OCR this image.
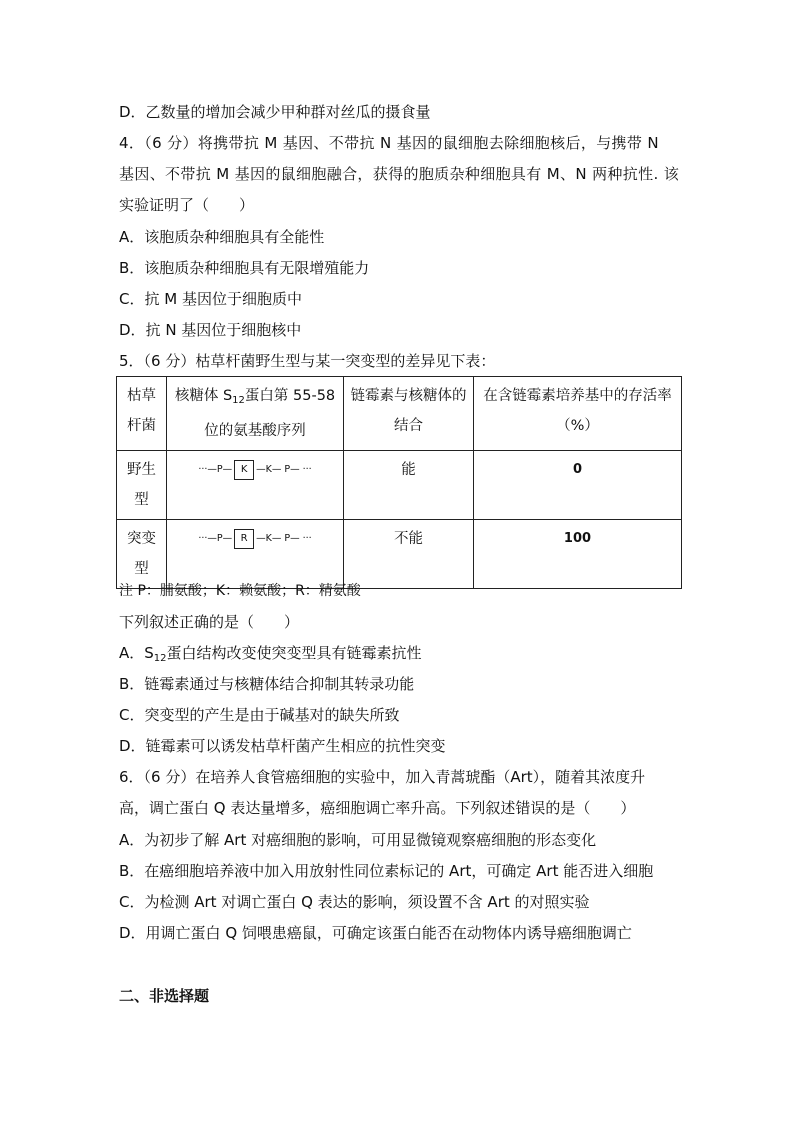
D．乙数量的增加会减少甲种群对丝瓜的摄食量
4．（6 分）将携带抗 M 基因、不带抗 N 基因的鼠细胞去除细胞核后，与携带 N
基因、不带抗 M 基因的鼠细胞融合，获得的胞质杂种细胞具有 M、N 两种抗性. 该
实验证明了（　　）
A．该胞质杂种细胞具有全能性
B．该胞质杂种细胞具有无限增殖能力
C．抗 M 基因位于细胞质中
D．抗 N 基因位于细胞核中
5．（6 分）枯草杆菌野生型与某一突变型的差异见下表：
枯草杆菌	核糖体 $S_{12}$蛋白第 55-58 位的氨基酸序列	链霉素与核糖体的结合	在含链霉素培养基中的存活率（%）
野生型	···—P— K —K— P— ···	能	0
突变型	···—P— R —K— P— ···	不能	100
注 P：脯氨酸；K：赖氨酸；R：精氨酸
下列叙述正确的是（　　）
A．$S_{12}$蛋白结构改变使突变型具有链霉素抗性
B．链霉素通过与核糖体结合抑制其转录功能
C．突变型的产生是由于碱基对的缺失所致
D．链霉素可以诱发枯草杆菌产生相应的抗性突变
6．（6 分）在培养人食管癌细胞的实验中，加入青蒿琥酯（Art），随着其浓度升
高，调亡蛋白 Q 表达量增多，癌细胞调亡率升高。下列叙述错误的是（　　）
A．为初步了解 Art 对癌细胞的影响，可用显微镜观察癌细胞的形态变化
B．在癌细胞培养液中加入用放射性同位素标记的 Art，可确定 Art 能否进入细胞
C．为检测 Art 对调亡蛋白 Q 表达的影响，须设置不含 Art 的对照实验
D．用调亡蛋白 Q 饲喂患癌鼠，可确定该蛋白能否在动物体内诱导癌细胞调亡
二、非选择题
